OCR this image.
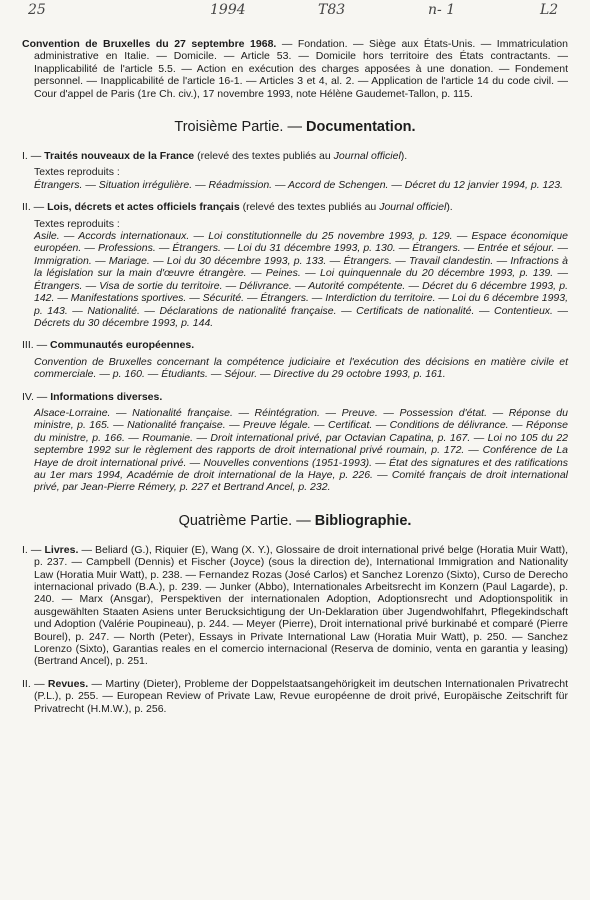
25	1994	T83	n- 1	L2

Convention de Bruxelles du 27 septembre 1968. — Fondation. — Siège aux États-Unis. — Immatriculation administrative en Italie. — Domicile. — Article 53. — Domicile hors territoire des États contractants. — Inapplicabilité de l'article 5.5. — Action en exécution des charges apposées à une donation. — Fondement personnel. — Inapplicabilité de l'article 16-1. — Articles 3 et 4, al. 2. — Application de l'article 14 du code civil. — Cour d'appel de Paris (1re Ch. civ.), 17 novembre 1993, note Hélène Gaudemet-Tallon, p. 115.

Troisième Partie. — Documentation.

I. — Traités nouveaux de la France (relevé des textes publiés au Journal officiel).

Textes reproduits :

Étrangers. — Situation irrégulière. — Réadmission. — Accord de Schengen. — Décret du 12 janvier 1994, p. 123.

II. — Lois, décrets et actes officiels français (relevé des textes publiés au Journal officiel).

Textes reproduits :

Asile. — Accords internationaux. — Loi constitutionnelle du 25 novembre 1993, p. 129. — Espace économique européen. — Professions. — Étrangers. — Loi du 31 décembre 1993, p. 130. — Étrangers. — Entrée et séjour. — Immigration. — Mariage. — Loi du 30 décembre 1993, p. 133. — Étrangers. — Travail clandestin. — Infractions à la législation sur la main d'œuvre étrangère. — Peines. — Loi quinquennale du 20 décembre 1993, p. 139. — Étrangers. — Visa de sortie du territoire. — Délivrance. — Autorité compétente. — Décret du 6 décembre 1993, p. 142. — Manifestations sportives. — Sécurité. — Étrangers. — Interdiction du territoire. — Loi du 6 décembre 1993, p. 143. — Nationalité. — Déclarations de nationalité française. — Certificats de nationalité. — Contentieux. — Décrets du 30 décembre 1993, p. 144.

III. — Communautés européennes.

Convention de Bruxelles concernant la compétence judiciaire et l'exécution des décisions en matière civile et commerciale. — p. 160. — Étudiants. — Séjour. — Directive du 29 octobre 1993, p. 161.

IV. — Informations diverses.

Alsace-Lorraine. — Nationalité française. — Réintégration. — Preuve. — Possession d'état. — Réponse du ministre, p. 165. — Nationalité française. — Preuve légale. — Certificat. — Conditions de délivrance. — Réponse du ministre, p. 166. — Roumanie. — Droit international privé, par Octavian Capatina, p. 167. — Loi no 105 du 22 septembre 1992 sur le règlement des rapports de droit international privé roumain, p. 172. — Conférence de La Haye de droit international privé. — Nouvelles conventions (1951-1993). — État des signatures et des ratifications au 1er mars 1994, Académie de droit international de la Haye, p. 226. — Comité français de droit international privé, par Jean-Pierre Rémery, p. 227 et Bertrand Ancel, p. 232.

Quatrième Partie. — Bibliographie.

I. — Livres. — Beliard (G.), Riquier (E), Wang (X. Y.), Glossaire de droit international privé belge (Horatia Muir Watt), p. 237. — Campbell (Dennis) et Fischer (Joyce) (sous la direction de), International Immigration and Nationality Law (Horatia Muir Watt), p. 238. — Fernandez Rozas (José Carlos) et Sanchez Lorenzo (Sixto), Curso de Derecho internacional privado (B.A.), p. 239. — Junker (Abbo), Internationales Arbeitsrecht im Konzern (Paul Lagarde), p. 240. — Marx (Ansgar), Perspektiven der internationalen Adoption, Adoptionsrecht und Adoptionspolitik in ausgewählten Staaten Asiens unter Berucksichtigung der Un-Deklaration über Jugendwohlfahrt, Pflegekindschaft und Adoption (Valérie Poupineau), p. 244. — Meyer (Pierre), Droit international privé burkinabé et comparé (Pierre Bourel), p. 247. — North (Peter), Essays in Private International Law (Horatia Muir Watt), p. 250. — Sanchez Lorenzo (Sixto), Garantias reales en el comercio internacional (Reserva de dominio, venta en garantia y leasing) (Bertrand Ancel), p. 251.

II. — Revues. — Martiny (Dieter), Probleme der Doppelstaatsangehörigkeit im deutschen Internationalen Privatrecht (P.L.), p. 255. — European Review of Private Law, Revue européenne de droit privé, Europäische Zeitschrift für Privatrecht (H.M.W.), p. 256.
